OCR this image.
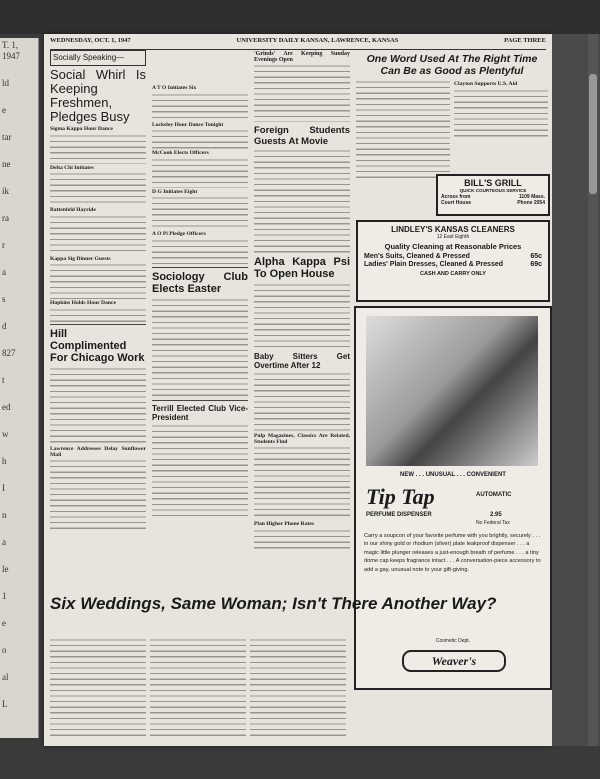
T. 1, 1947
ld
e
tar
ne
ik
ra
r
a
s
d
827
t
ed
w
h
I
n
a
le
1
e
o
al
L
WEDNESDAY, OCT. 1, 1947	UNIVERSITY DAILY KANSAN, LAWRENCE, KANSAS	PAGE THREE
Socially Speaking—
Social Whirl Is Keeping Freshmen, Pledges Busy
Sigma Kappa Hour Dance
Delta Chi Initiates
Battenfeld Hayride
Kappa Sig Dinner Guests
Hopkins Holds Hour Dance
Hill Complimented For Chicago Work
Lawrence Addresses Delay Sunflower Mail
A T O Initiates Six
Locksley Hour Dance Tonight
McCook Elects Officers
D G Initiates Eight
A O Pi Pledge Officers
Sociology Club Elects Easter
Terrill Elected Club Vice-President
'Grinds' Are Keeping Sunday Evenings Open
Foreign Students Guests At Movie
Alpha Kappa Psi To Open House
Baby Sitters Get Overtime After 12
Pulp Magazines, Classics Are Related, Students Find
Plan Higher Phone Rates
One Word Used At The Right Time Can Be as Good as Plentyful
Clayton Supports U.S. Aid
BILL'S GRILL
QUICK COURTEOUS SERVICE
Across from
Court House
1109 Mass.
Phone 2054
LINDLEY'S KANSAS CLEANERS
12 East Eighth
Quality Cleaning at Reasonable Prices
Men's Suits, Cleaned & Pressed	65c
Ladies' Plain Dresses, Cleaned & Pressed	69c
CASH AND CARRY ONLY
NEW . . . UNUSUAL . . . CONVENIENT
Tip Tap	AUTOMATIC
PERFUME DISPENSER	2.95
No Federal Tax
Carry a soupcon of your favorite perfume with you brightly, securely . . . in our shiny gold or rhodium (silver) plate leakproof dispenser . . . a magic little plunger releases a just-enough breath of perfume . . . a tiny dome cap keeps fragrance intact . . . A conversation-piece accessory to add a gay, unusual note to your gift-giving.
Cosmetic Dept.
Weaver's
Six Weddings, Same Woman; Isn't There Another Way?
